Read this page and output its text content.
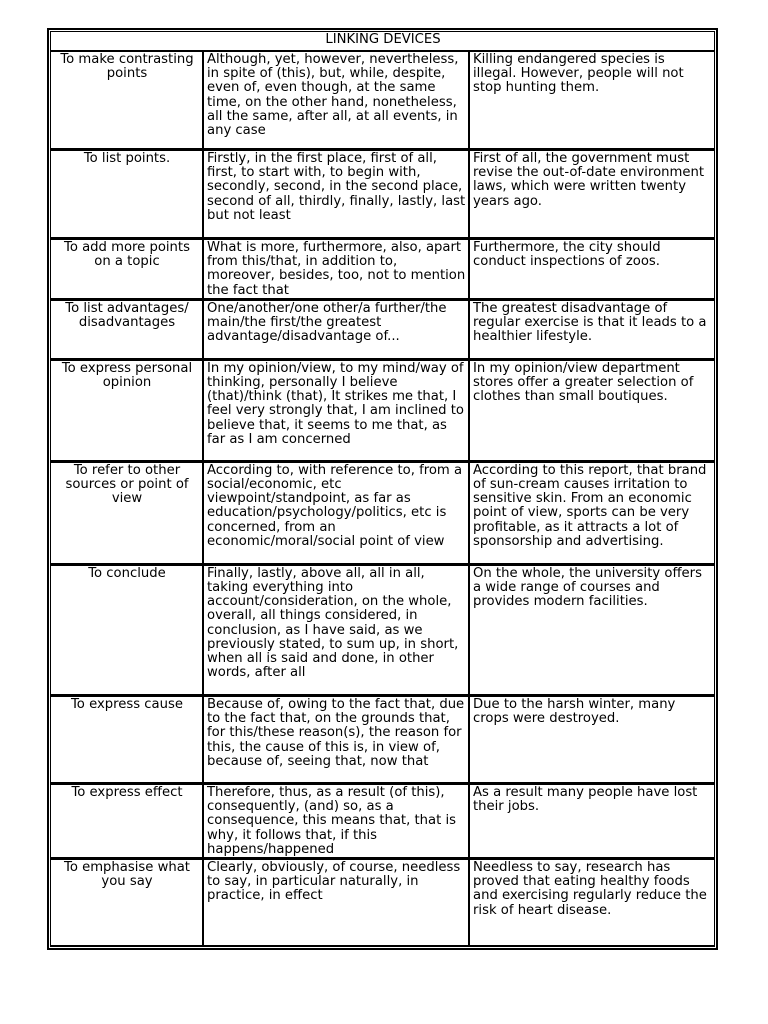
LINKING DEVICES		
To make contrasting points	Although, yet, however, nevertheless, in spite of (this), but, while, despite, even of, even though, at the same time, on the other hand, nonetheless, all the same, after all, at all events, in any case	Killing endangered species is illegal. However, people will not stop hunting them.
To list points.	Firstly, in the first place, first of all, first, to start with, to begin with, secondly, second, in the second place, second of all, thirdly, finally, lastly, last but not least	First of all, the government must revise the out-of-date environment laws, which were written twenty years ago.
To add more points on a topic	What is more, furthermore, also, apart from this/that, in addition to, moreover, besides, too, not to mention the fact that	Furthermore, the city should conduct inspections of zoos.
To list advantages/ disadvantages	One/another/one other/a further/the main/the first/the greatest advantage/disadvantage of...	The greatest disadvantage of regular exercise is that it leads to a healthier lifestyle.
To express personal opinion	In my opinion/view, to my mind/way of thinking, personally I believe (that)/think (that), It strikes me that, I feel very strongly that, I am inclined to believe that, it seems to me that, as far as I am concerned	In my opinion/view department stores offer a greater selection of clothes than small boutiques.
To refer to other sources or point of view	According to, with reference to, from a social/economic, etc viewpoint/standpoint, as far as education/psychology/politics, etc is concerned, from an economic/moral/social point of view	According to this report, that brand of sun-cream causes irritation to sensitive skin. From an economic point of view, sports can be very profitable, as it attracts a lot of sponsorship and advertising.
To conclude	Finally, lastly, above all, all in all, taking everything into account/consideration, on the whole, overall, all things considered, in conclusion, as I have said, as we previously stated, to sum up, in short, when all is said and done, in other words, after all	On the whole, the university offers a wide range of courses and provides modern facilities.
To express cause	Because of, owing to the fact that, due to the fact that, on the grounds that, for this/these reason(s), the reason for this, the cause of this is, in view of, because of, seeing that, now that	Due to the harsh winter, many crops were destroyed.
To express effect	Therefore, thus, as a result (of this), consequently, (and) so, as a consequence, this means that, that is why, it follows that, if this happens/happened	As a result many people have lost their jobs.
To emphasise what you say	Clearly, obviously, of course, needless to say, in particular naturally, in practice, in effect	Needless to say, research has proved that eating healthy foods and exercising regularly reduce the risk of heart disease.
